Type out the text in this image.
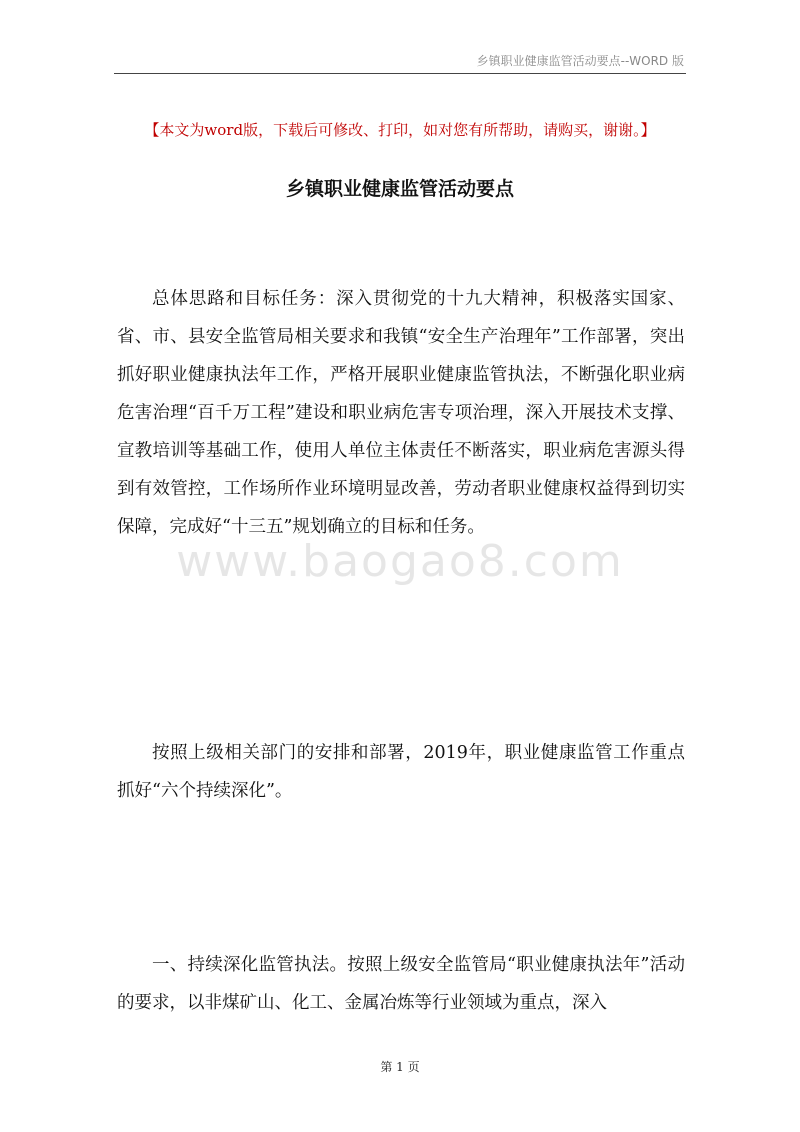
乡镇职业健康监管活动要点--WORD 版
【本文为word版，下载后可修改、打印，如对您有所帮助，请购买，谢谢。】
乡镇职业健康监管活动要点

总体思路和目标任务：深入贯彻党的十九大精神，积极落实国家、省、市、县安全监管局相关要求和我镇“安全生产治理年”工作部署，突出抓好职业健康执法年工作，严格开展职业健康监管执法，不断强化职业病危害治理“百千万工程”建设和职业病危害专项治理，深入开展技术支撑、宣教培训等基础工作，使用人单位主体责任不断落实，职业病危害源头得到有效管控，工作场所作业环境明显改善，劳动者职业健康权益得到切实保障，完成好“十三五”规划确立的目标和任务。

www.baogao8.com

按照上级相关部门的安排和部署，2019年，职业健康监管工作重点抓好“六个持续深化”。

一、持续深化监管执法。按照上级安全监管局“职业健康执法年”活动的要求，以非煤矿山、化工、金属冶炼等行业领域为重点，深入

第 1 页
